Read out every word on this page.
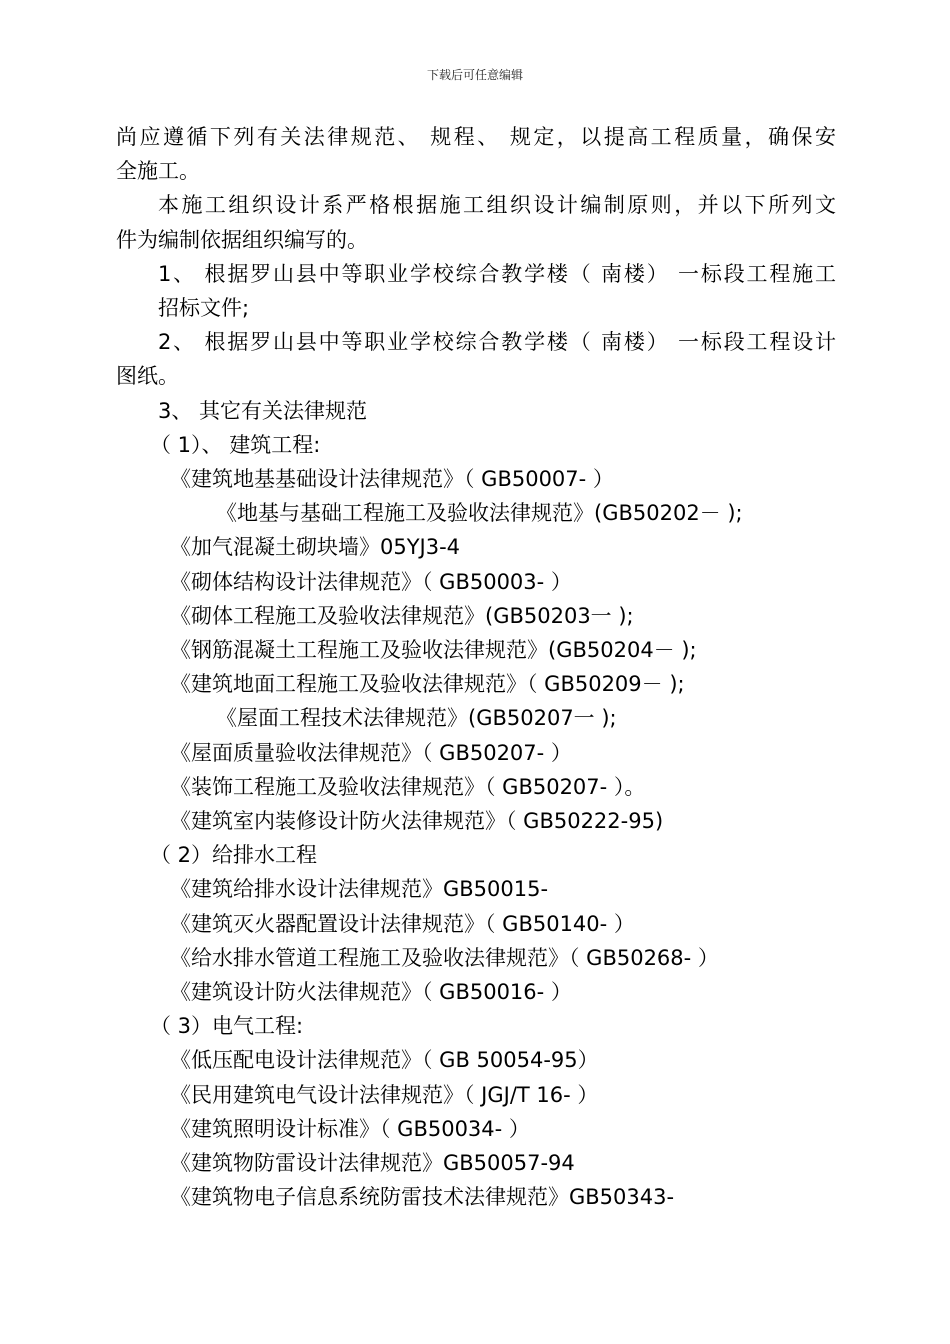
下载后可任意编辑
尚应遵循下列有关法律规范、 规程、 规定，以提高工程质量，确保安
全施工。
本施工组织设计系严格根据施工组织设计编制原则，并以下所列文
件为编制依据组织编写的。
1、 根据罗山县中等职业学校综合教学楼（ 南楼） 一标段工程施工
招标文件;
2、 根据罗山县中等职业学校综合教学楼（ 南楼） 一标段工程设计
图纸。
3、 其它有关法律规范
（ 1）、 建筑工程:
《建筑地基基础设计法律规范》（ GB50007- ）
《地基与基础工程施工及验收法律规范》(GB50202－ );
《加气混凝土砌块墙》05YJ3-4
《砌体结构设计法律规范》（ GB50003- ）
《砌体工程施工及验收法律规范》(GB50203一 );
《钢筋混凝土工程施工及验收法律规范》(GB50204－ );
《建筑地面工程施工及验收法律规范》（ GB50209－ );
《屋面工程技术法律规范》(GB50207一 );
《屋面质量验收法律规范》（ GB50207- ）
《装饰工程施工及验收法律规范》（ GB50207- ）。
《建筑室内装修设计防火法律规范》（ GB50222-95)
（ 2）给排水工程
《建筑给排水设计法律规范》GB50015-
《建筑灭火器配置设计法律规范》（ GB50140- ）
《给水排水管道工程施工及验收法律规范》（ GB50268- ）
《建筑设计防火法律规范》（ GB50016- ）
（ 3）电气工程:
《低压配电设计法律规范》（ GB 50054-95）
《民用建筑电气设计法律规范》（ JGJ/T 16- ）
《建筑照明设计标准》（ GB50034- ）
《建筑物防雷设计法律规范》GB50057-94
《建筑物电子信息系统防雷技术法律规范》GB50343-
